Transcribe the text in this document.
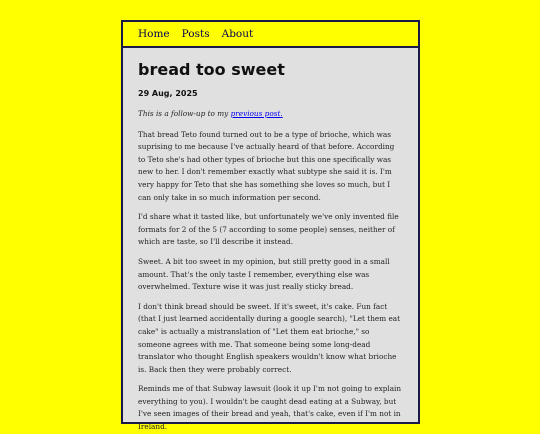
Home Posts About
bread too sweet
29 Aug, 2025

This is a follow-up to my previous post.

That bread Teto found turned out to be a type of brioche, which was suprising to me because I've actually heard of that before. According to Teto she's had other types of brioche but this one specifically was new to her. I don't remember exactly what subtype she said it is. I'm very happy for Teto that she has something she loves so much, but I can only take in so much information per second.

I'd share what it tasted like, but unfortunately we've only invented file formats for 2 of the 5 (7 according to some people) senses, neither of which are taste, so I'll describe it instead.

Sweet. A bit too sweet in my opinion, but still pretty good in a small amount. That's the only taste I remember, everything else was overwhelmed. Texture wise it was just really sticky bread.

I don't think bread should be sweet. If it's sweet, it's cake. Fun fact (that I just learned accidentally during a google search), "Let them eat cake" is actually a mistranslation of "Let them eat brioche," so someone agrees with me. That someone being some long-dead translator who thought English speakers wouldn't know what brioche is. Back then they were probably correct.

Reminds me of that Subway lawsuit (look it up I'm not going to explain everything to you). I wouldn't be caught dead eating at a Subway, but I've seen images of their bread and yeah, that's cake, even if I'm not in Ireland.
